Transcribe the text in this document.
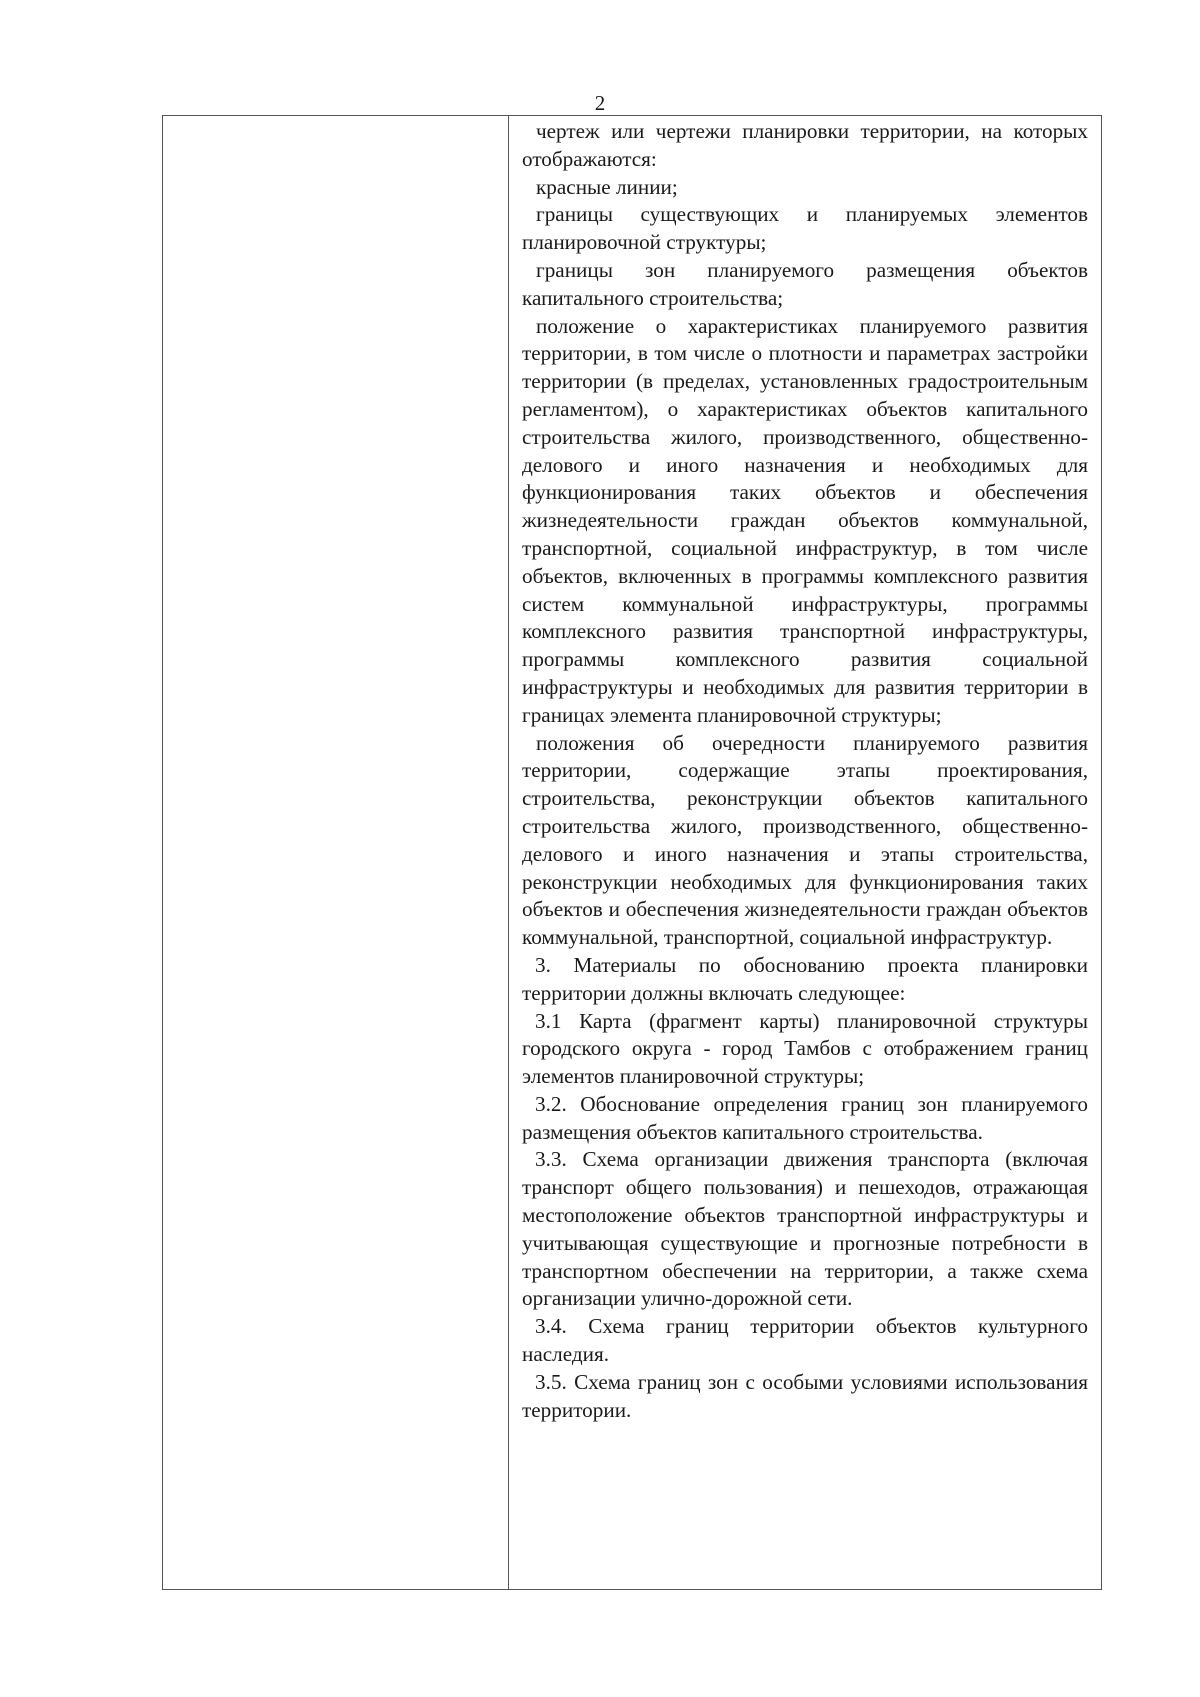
2

чертеж или чертежи планировки территории, на которых отображаются:

красные линии;

границы существующих и планируемых элементов планировочной структуры;

границы зон планируемого размещения объектов капитального строительства;

положение о характеристиках планируемого развития территории, в том числе о плотности и параметрах застройки территории (в пределах, установленных градостроительным регламентом), о характеристиках объектов капитального строительства жилого, производственного, общественно-делового и иного назначения и необходимых для функционирования таких объектов и обеспечения жизнедеятельности граждан объектов коммунальной, транспортной, социальной инфраструктур, в том числе объектов, включенных в программы комплексного развития систем коммунальной инфраструктуры, программы комплексного развития транспортной инфраструктуры, программы комплексного развития социальной инфраструктуры и необходимых для развития территории в границах элемента планировочной структуры;

положения об очередности планируемого развития территории, содержащие этапы проектирования, строительства, реконструкции объектов капитального строительства жилого, производственного, общественно-делового и иного назначения и этапы строительства, реконструкции необходимых для функционирования таких объектов и обеспечения жизнедеятельности граждан объектов коммунальной, транспортной, социальной инфраструктур.

3. Материалы по обоснованию проекта планировки территории должны включать следующее:

3.1 Карта (фрагмент карты) планировочной структуры городского округа - город Тамбов с отображением границ элементов планировочной структуры;

3.2. Обоснование определения границ зон планируемого размещения объектов капитального строительства.

3.3. Схема организации движения транспорта (включая транспорт общего пользования) и пешеходов, отражающая местоположение объектов транспортной инфраструктуры и учитывающая существующие и прогнозные потребности в транспортном обеспечении на территории, а также схема организации улично-дорожной сети.

3.4. Схема границ территории объектов культурного наследия.

3.5. Схема границ зон с особыми условиями использования территории.
